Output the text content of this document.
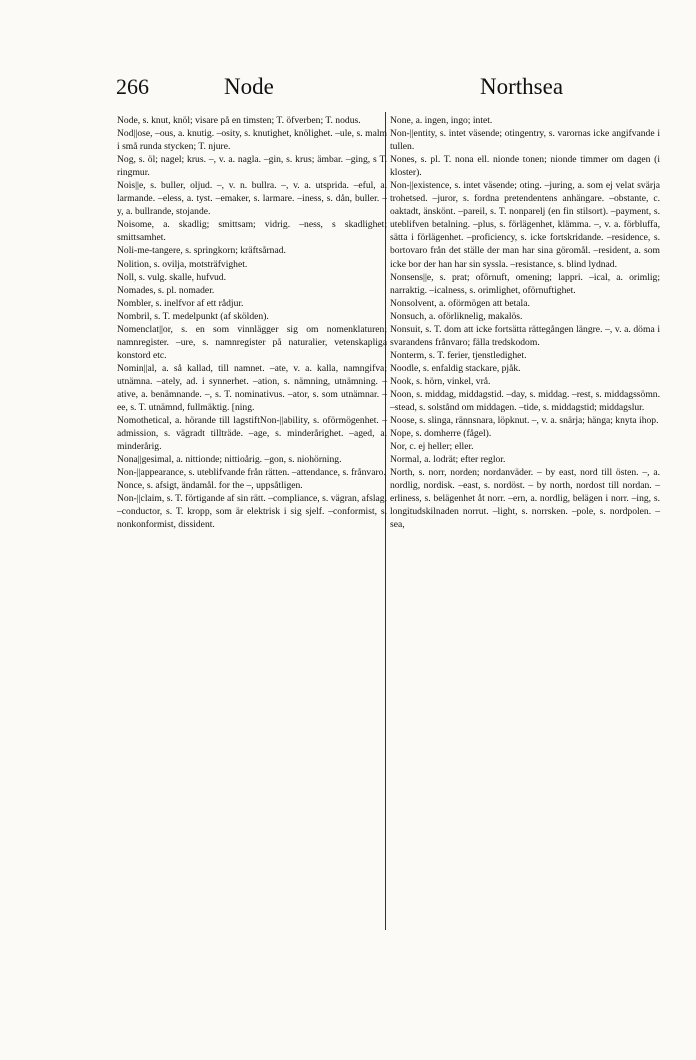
266	Node	Northsea
Node, s. knut, knöl; visare på en timsten; T. öfverben; T. nodus.
Nod||ose, –ous, a. knutig. –osity, s. knutighet, knölighet. –ule, s. malm i små runda stycken; T. njure.
Nog, s. öl; nagel; krus. –, v. a. nagla. –gin, s. krus; ämbar. –ging, s T. ringmur.
Nois||e, s. buller, oljud. –, v. n. bullra. –, v. a. utsprida. –eful, a. larmande. –eless, a. tyst. –emaker, s. larmare. –iness, s. dån, buller. –y, a. bullrande, stojande.
Noisome, a. skadlig; smittsam; vidrig. –ness, s skadlighet; smittsamhet.
Noli-me-tangere, s. springkorn; kräftsårnad.
Nolition, s. ovilja, motsträfvighet.
Noll, s. vulg. skalle, hufvud.
Nomades, s. pl. nomader.
Nombler, s. inelfvor af ett rådjur.
Nombril, s. T. medelpunkt (af skölden).
Nomenclat||or, s. en som vinnlägger sig om nomenklaturen; namnregister. –ure, s. namnregister på naturalier, vetenskapliga konstord etc.
Nomin||al, a. så kallad, till namnet. –ate, v. a. kalla, namngifva; utnämna. –ately, ad. i synnerhet. –ation, s. nämning, utnämning. –ative, a. benämnande. –, s. T. nominativus. –ator, s. som utnämnar. –ee, s. T. utnämnd, fullmäktig. [ning.
Nomothetical, a. hörande till lagstiftNon-||ability, s. oförmögenhet. –admission, s. vägradt tillträde. –age, s. minderårighet. –aged, a. minderårig.
Nona||gesimal, a. nittionde; nittioårig. –gon, s. niohörning.
Non-||appearance, s. uteblifvande från rätten. –attendance, s. frånvaro.
Nonce, s. afsigt, ändamål. for the –, uppsåtligen.
Non-||claim, s. T. förtigande af sin rätt. –compliance, s. vägran, afslag. –conductor, s. T. kropp, som är elektrisk i sig sjelf. –conformist, s. nonkonformist, dissident.
None, a. ingen, ingo; intet.
Non-||entity, s. intet väsende; otingentry, s. varornas icke angifvande i tullen.
Nones, s. pl. T. nona ell. nionde tonen; nionde timmer om dagen (i kloster).
Non-||existence, s. intet väsende; oting. –juring, a. som ej velat svärja trohetsed. –juror, s. fordna pretendentens anhängare. –obstante, c. oaktadt, änskönt. –pareil, s. T. nonparelj (en fin stilsort). –payment, s. uteblifven betalning. –plus, s. förlägenhet, klämma. –, v. a. förbluffa, sätta i förlägenhet. –proficiency, s. icke fortskridande. –residence, s. bortovaro från det ställe der man har sina göromål. –resident, a. som icke bor der han har sin syssla. –resistance, s. blind lydnad.
Nonsens||e, s. prat; oförnuft, omening; lappri. –ical, a. orimlig; narraktig. –icalness, s. orimlighet, oförnuftighet.
Nonsolvent, a. oförmögen att betala.
Nonsuch, a. oförliknelig, makalös.
Nonsuit, s. T. dom att icke fortsätta rättegången längre. –, v. a. döma i svarandens frånvaro; fälla tredskodom.
Nonterm, s. T. ferier, tjenstledighet.
Noodle, s. enfaldig stackare, pjåk.
Nook, s. hörn, vinkel, vrå.
Noon, s. middag, middagstid. –day, s. middag. –rest, s. middagssömn. –stead, s. solstånd om middagen. –tide, s. middagstid; middagslur.
Noose, s. slinga, rännsnara, löpknut. –, v. a. snärja; hänga; knyta ihop.
Nope, s. domherre (fågel).
Nor, c. ej heller; eller.
Normal, a. lodrät; efter reglor.
North, s. norr, norden; nordanväder. – by east, nord till östen. –, a. nordlig, nordisk. –east, s. nordöst. – by north, nordost till nordan. –erliness, s. belägenhet åt norr. –ern, a. nordlig, belägen i norr. –ing, s. longitudskilnaden norrut. –light, s. norrsken. –pole, s. nordpolen. –sea,
